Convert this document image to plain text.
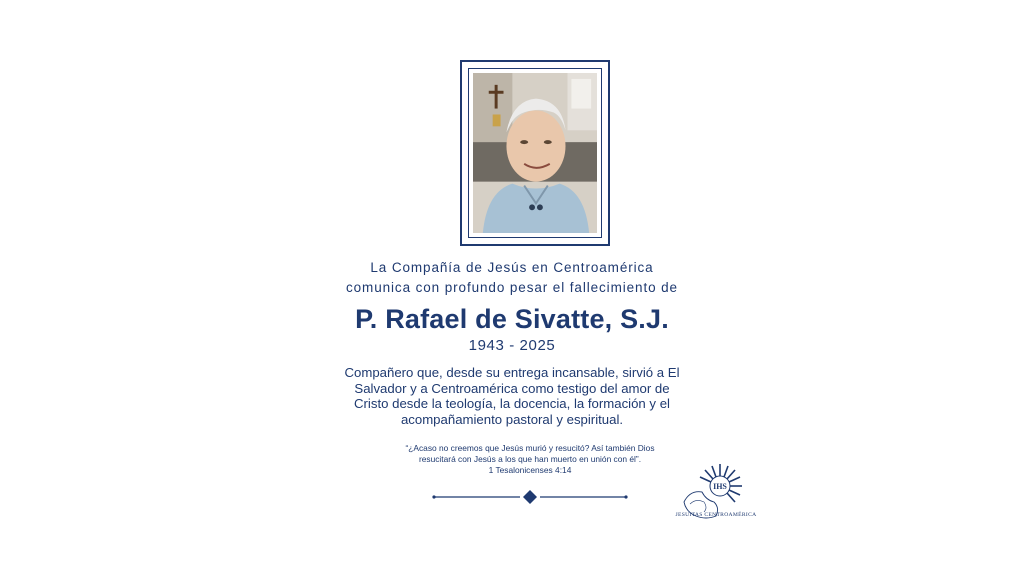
La Compañía de Jesús en Centroamérica
comunica con profundo pesar el fallecimiento de
P. Rafael de Sivatte, S.J.
1943 - 2025
Compañero que, desde su entrega incansable, sirvió a El
Salvador y a Centroamérica como testigo del amor de
Cristo desde la teología, la docencia, la formación y el
acompañamiento pastoral y espiritual.
“¿Acaso no creemos que Jesús murió y resucitó? Así también Dios
resucitará con Jesús a los que han muerto en unión con él”.
1 Tesalonicenses 4:14
IHS
JESUITAS CENTROAMÉRICA
